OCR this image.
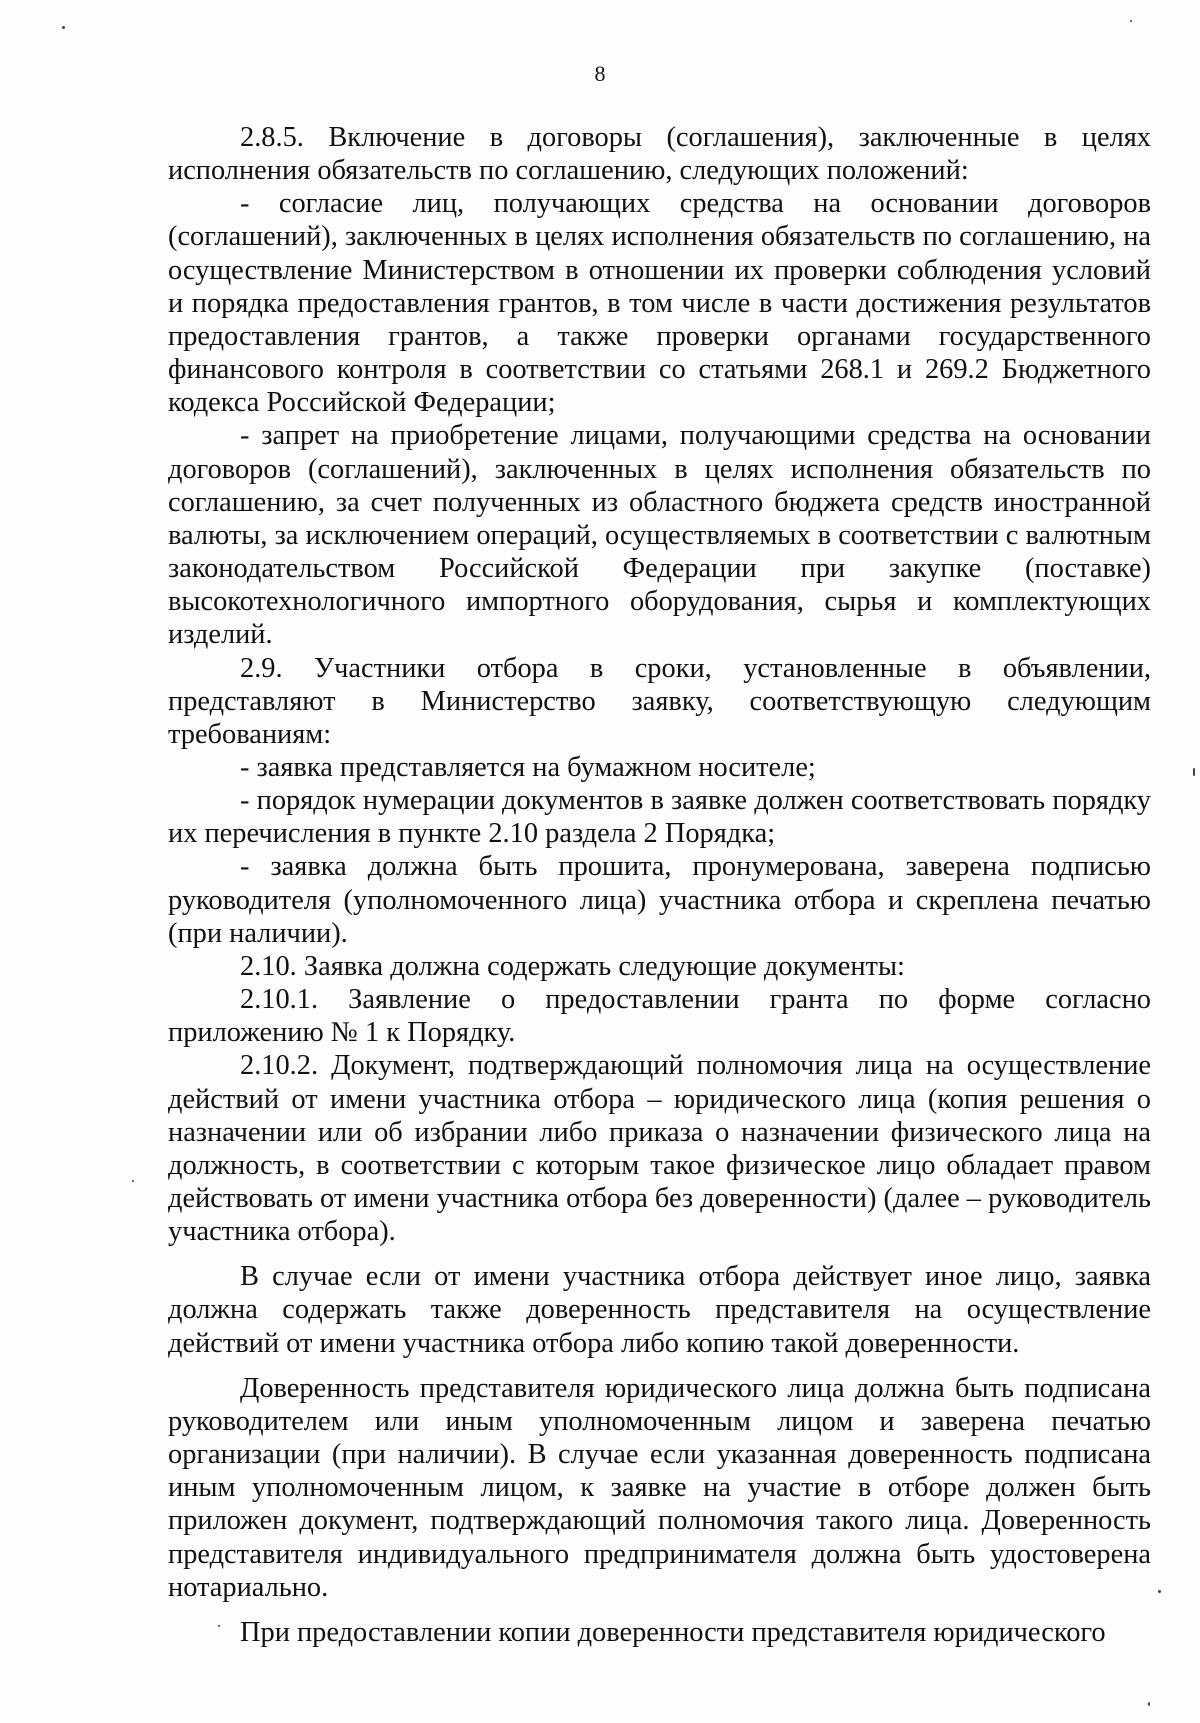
8

2.8.5. Включение в договоры (соглашения), заключенные в целях исполнения обязательств по соглашению, следующих положений:

- согласие лиц, получающих средства на основании договоров (соглашений), заключенных в целях исполнения обязательств по соглашению, на осуществление Министерством в отношении их проверки соблюдения условий и порядка предоставления грантов, в том числе в части достижения результатов предоставления грантов, а также проверки органами государственного финансового контроля в соответствии со статьями 268.1 и 269.2 Бюджетного кодекса Российской Федерации;

- запрет на приобретение лицами, получающими средства на основании договоров (соглашений), заключенных в целях исполнения обязательств по соглашению, за счет полученных из областного бюджета средств иностранной валюты, за исключением операций, осуществляемых в соответствии с валютным законодательством Российской Федерации при закупке (поставке) высокотехнологичного импортного оборудования, сырья и комплектующих изделий.

2.9. Участники отбора в сроки, установленные в объявлении, представляют в Министерство заявку, соответствующую следующим требованиям:

- заявка представляется на бумажном носителе;

- порядок нумерации документов в заявке должен соответствовать порядку их перечисления в пункте 2.10 раздела 2 Порядка;

- заявка должна быть прошита, пронумерована, заверена подписью руководителя (уполномоченного лица) участника отбора и скреплена печатью (при наличии).

2.10. Заявка должна содержать следующие документы:

2.10.1. Заявление о предоставлении гранта по форме согласно приложению № 1 к Порядку.

2.10.2. Документ, подтверждающий полномочия лица на осуществление действий от имени участника отбора – юридического лица (копия решения о назначении или об избрании либо приказа о назначении физического лица на должность, в соответствии с которым такое физическое лицо обладает правом действовать от имени участника отбора без доверенности) (далее – руководитель участника отбора).

В случае если от имени участника отбора действует иное лицо, заявка должна содержать также доверенность представителя на осуществление действий от имени участника отбора либо копию такой доверенности.

Доверенность представителя юридического лица должна быть подписана руководителем или иным уполномоченным лицом и заверена печатью организации (при наличии). В случае если указанная доверенность подписана иным уполномоченным лицом, к заявке на участие в отборе должен быть приложен документ, подтверждающий полномочия такого лица. Доверенность представителя индивидуального предпринимателя должна быть удостоверена нотариально.

При предоставлении копии доверенности представителя юридического
